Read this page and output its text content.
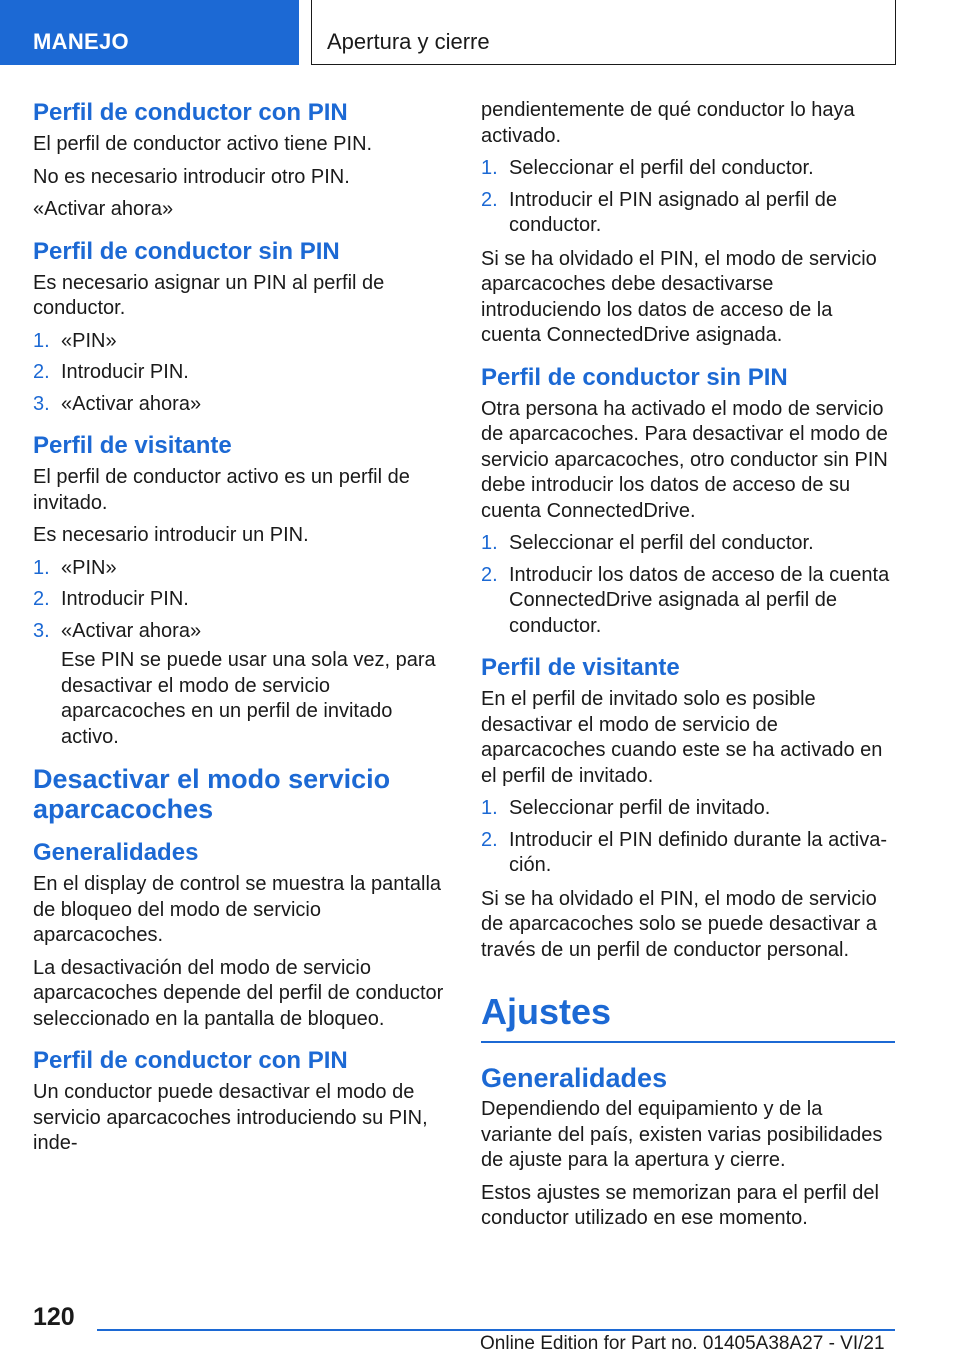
MANEJO	Apertura y cierre
Perfil de conductor con PIN
El perfil de conductor activo tiene PIN.
No es necesario introducir otro PIN.
«Activar ahora»
Perfil de conductor sin PIN
Es necesario asignar un PIN al perfil de conductor.
1. «PIN»
2. Introducir PIN.
3. «Activar ahora»
Perfil de visitante
El perfil de conductor activo es un perfil de invitado.
Es necesario introducir un PIN.
1. «PIN»
2. Introducir PIN.
3. «Activar ahora»
Ese PIN se puede usar una sola vez, para desactivar el modo de servicio aparcacoches en un perfil de invitado activo.
Desactivar el modo servicio aparcacoches
Generalidades
En el display de control se muestra la pantalla de bloqueo del modo de servicio aparcacoches.
La desactivación del modo de servicio aparcacoches depende del perfil de conductor seleccionado en la pantalla de bloqueo.
Perfil de conductor con PIN
Un conductor puede desactivar el modo de servicio aparcacoches introduciendo su PIN, inde-
pendientemente de qué conductor lo haya activado.
1. Seleccionar el perfil del conductor.
2. Introducir el PIN asignado al perfil de conductor.
Si se ha olvidado el PIN, el modo de servicio aparcacoches debe desactivarse introduciendo los datos de acceso de la cuenta ConnectedDrive asignada.
Perfil de conductor sin PIN
Otra persona ha activado el modo de servicio de aparcacoches. Para desactivar el modo de servicio aparcacoches, otro conductor sin PIN debe introducir los datos de acceso de su cuenta ConnectedDrive.
1. Seleccionar el perfil del conductor.
2. Introducir los datos de acceso de la cuenta ConnectedDrive asignada al perfil de conductor.
Perfil de visitante
En el perfil de invitado solo es posible desactivar el modo de servicio de aparcacoches cuando este se ha activado en el perfil de invitado.
1. Seleccionar perfil de invitado.
2. Introducir el PIN definido durante la activación.
Si se ha olvidado el PIN, el modo de servicio de aparcacoches solo se puede desactivar a través de un perfil de conductor personal.
Ajustes
Generalidades
Dependiendo del equipamiento y de la variante del país, existen varias posibilidades de ajuste para la apertura y cierre.
Estos ajustes se memorizan para el perfil del conductor utilizado en ese momento.
120
Online Edition for Part no. 01405A38A27 - VI/21
